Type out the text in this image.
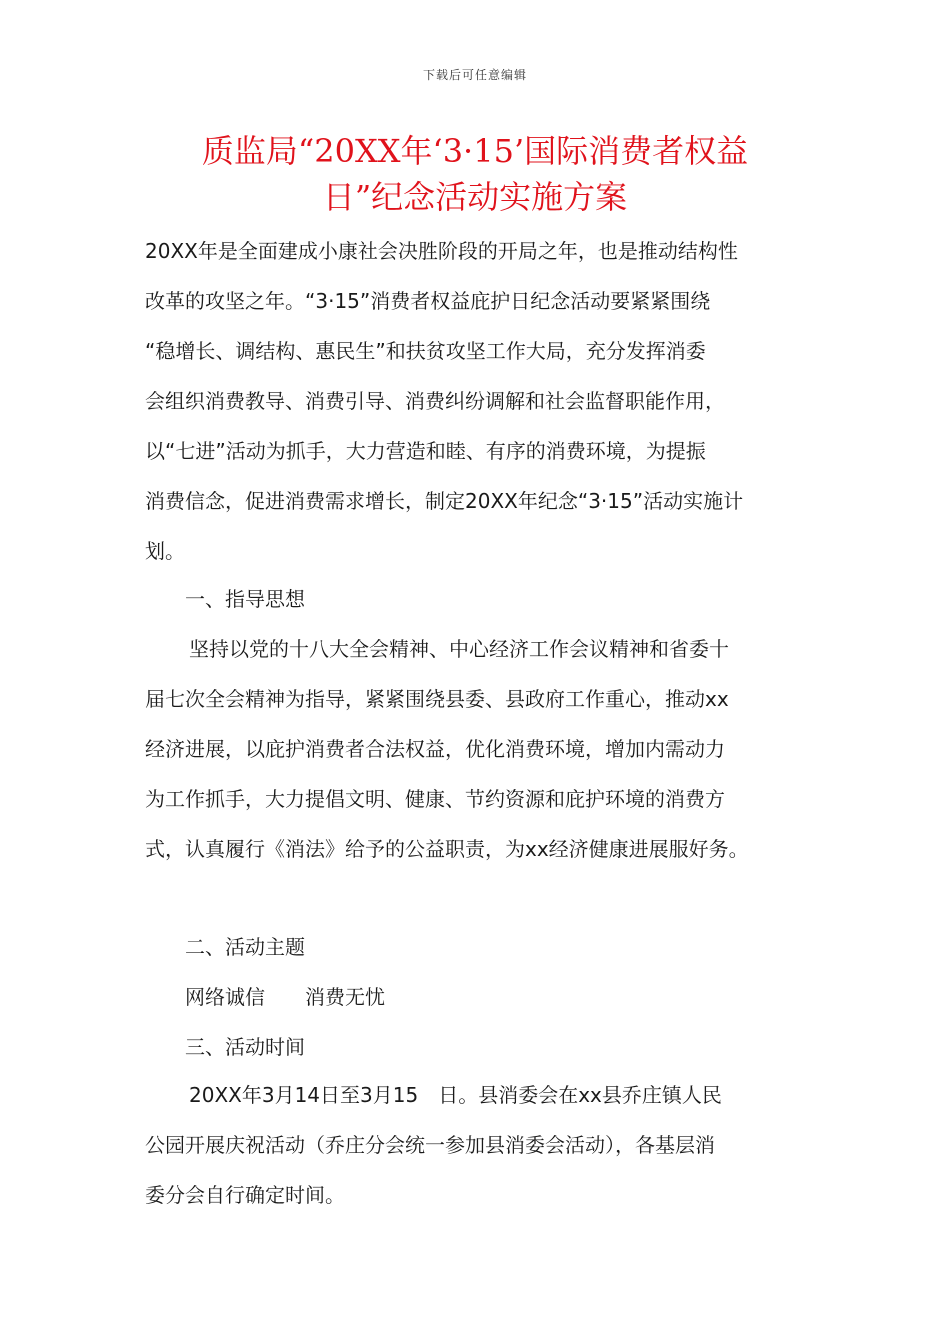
下载后可任意编辑
质监局“20XX年‘3·15’国际消费者权益
日”纪念活动实施方案
20XX年是全面建成小康社会决胜阶段的开局之年，也是推动结构性
改革的攻坚之年。“3·15”消费者权益庇护日纪念活动要紧紧围绕
“稳增长、调结构、惠民生”和扶贫攻坚工作大局，充分发挥消委
会组织消费教导、消费引导、消费纠纷调解和社会监督职能作用，
以“七进”活动为抓手，大力营造和睦、有序的消费环境，为提振
消费信念，促进消费需求增长，制定20XX年纪念“3·15”活动实施计
划。
一、指导思想
坚持以党的十八大全会精神、中心经济工作会议精神和省委十
届七次全会精神为指导，紧紧围绕县委、县政府工作重心，推动xx
经济进展，以庇护消费者合法权益，优化消费环境，增加内需动力
为工作抓手，大力提倡文明、健康、节约资源和庇护环境的消费方
式，认真履行《消法》给予的公益职责，为xx经济健康进展服好务。
二、活动主题
网络诚信　　消费无忧
三、活动时间
20XX年3月14日至3月15　日。县消委会在xx县乔庄镇人民
公园开展庆祝活动（乔庄分会统一参加县消委会活动），各基层消
委分会自行确定时间。
